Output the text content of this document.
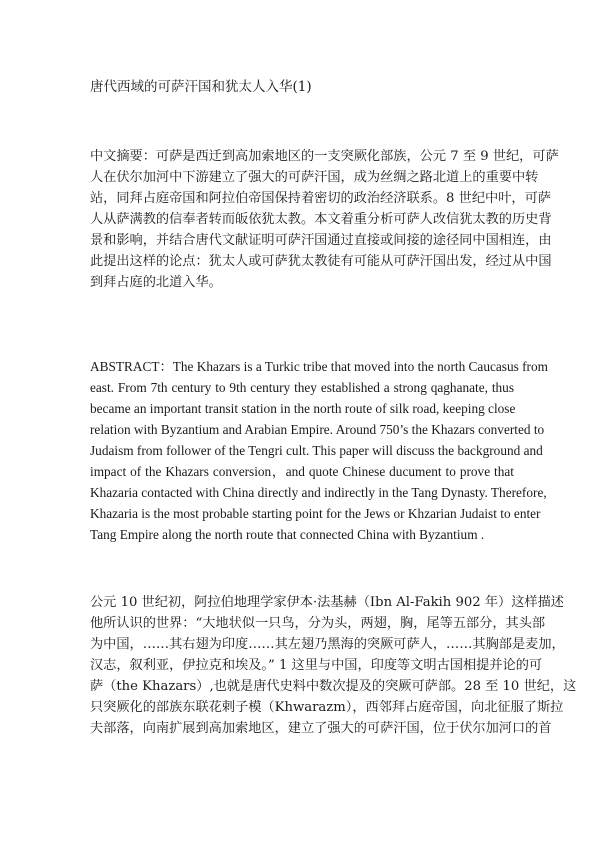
唐代西域的可萨汗国和犹太人入华(1)
中文摘要：可萨是西迁到高加索地区的一支突厥化部族，公元 7 至 9 世纪，可萨
人在伏尔加河中下游建立了强大的可萨汗国，成为丝绸之路北道上的重要中转
站，同拜占庭帝国和阿拉伯帝国保持着密切的政治经济联系。8 世纪中叶，可萨
人从萨满教的信奉者转而皈依犹太教。本文着重分析可萨人改信犹太教的历史背
景和影响，并结合唐代文献证明可萨汗国通过直接或间接的途径同中国相连，由
此提出这样的论点：犹太人或可萨犹太教徒有可能从可萨汗国出发，经过从中国
到拜占庭的北道入华。
ABSTRACT：The Khazars is a Turkic tribe that moved into the north Caucasus from
east. From 7th century to 9th century they established a strong qaghanate, thus
became an important transit station in the north route of silk road, keeping close
relation with Byzantium and Arabian Empire. Around 750’s the Khazars converted to
Judaism from follower of the Tengri cult. This paper will discuss the background and
impact of the Khazars conversion，and quote Chinese ducument to prove that
Khazaria contacted with China directly and indirectly in the Tang Dynasty. Therefore,
Khazaria is the most probable starting point for the Jews or Khzarian Judaist to enter
Tang Empire along the north route that connected China with Byzantium .
公元 10 世纪初，阿拉伯地理学家伊本·法基赫（Ibn Al-Fakih 902 年）这样描述
他所认识的世界：“大地状似一只鸟，分为头，两翅，胸，尾等五部分，其头部
为中国，……其右翅为印度……其左翅乃黑海的突厥可萨人，……其胸部是麦加，
汉志，叙利亚，伊拉克和埃及。” 1 这里与中国，印度等文明古国相提并论的可
萨（the Khazars）,也就是唐代史料中数次提及的突厥可萨部。28 至 10 世纪，这
只突厥化的部族东联花剌子模（Khwarazm），西邻拜占庭帝国，向北征服了斯拉
夫部落，向南扩展到高加索地区，建立了强大的可萨汗国，位于伏尔加河口的首
